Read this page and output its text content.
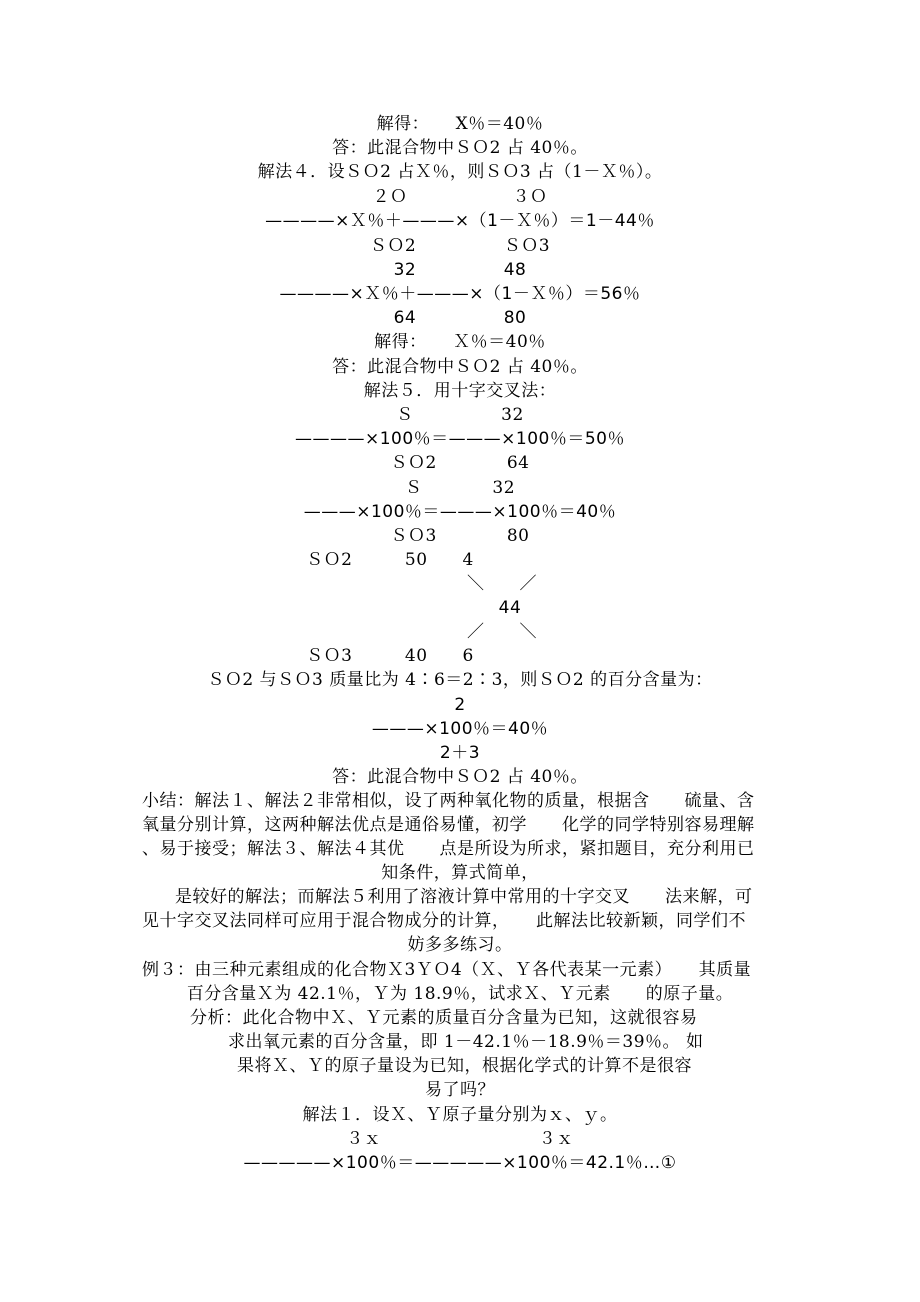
解得：　　X％＝40％
答：此混合物中ＳＯ2 占 40％。
解法４．设ＳＯ2 占Ｘ％，则ＳＯ3 占（1－Ｘ％）。
２Ｏ　　　　　　３Ｏ
————×Ｘ％＋———×（1－Ｘ％）＝1－44％
ＳＯ2　　　　　ＳＯ3
32　　　　　48
————×Ｘ％＋———×（1－Ｘ％）＝56％
64　　　　　80
解得：　　Ｘ％＝40％
答：此混合物中ＳＯ2 占 40％。
解法５．用十字交叉法：
Ｓ　　　　　32
————×100％＝———×100％＝50％
ＳＯ2　　　　64
Ｓ　　　　32
———×100％＝———×100％＝40％
ＳＯ3　　　　80
ＳＯ2　　　50　　4
＼　　／
44
／　　＼
ＳＯ3　　　40　　6
ＳＯ2 与ＳＯ3 质量比为 4∶6＝2∶3，则ＳＯ2 的百分含量为：
2
———×100％＝40％
2＋3
答：此混合物中ＳＯ2 占 40％。
小结：解法１、解法２非常相似，设了两种氧化物的质量，根据含　　硫量、含
氧量分别计算，这两种解法优点是通俗易懂，初学　　化学的同学特别容易理解
、易于接受；解法３、解法４其优　　点是所设为所求，紧扣题目，充分利用已
知条件，算式简单，
是较好的解法；而解法５利用了溶液计算中常用的十字交叉　　法来解，可
见十字交叉法同样可应用于混合物成分的计算，　　此解法比较新颖，同学们不
妨多多练习。
例３：由三种元素组成的化合物Ｘ3ＹＯ4（Ｘ、Ｙ各代表某一元素）　　其质量
百分含量Ｘ为 42.1％，Ｙ为 18.9％，试求Ｘ、Ｙ元素　　的原子量。
分析：此化合物中Ｘ、Ｙ元素的质量百分含量为已知，这就很容易
求出氧元素的百分含量，即 1－42.1％－18.9％＝39％。 如
果将Ｘ、Ｙ的原子量设为已知，根据化学式的计算不是很容
易了吗？
解法１．设Ｘ、Ｙ原子量分别为ｘ、ｙ。
３ｘ　　　　　　　　　３ｘ
—————×100％＝—————×100％＝42.1％…①
